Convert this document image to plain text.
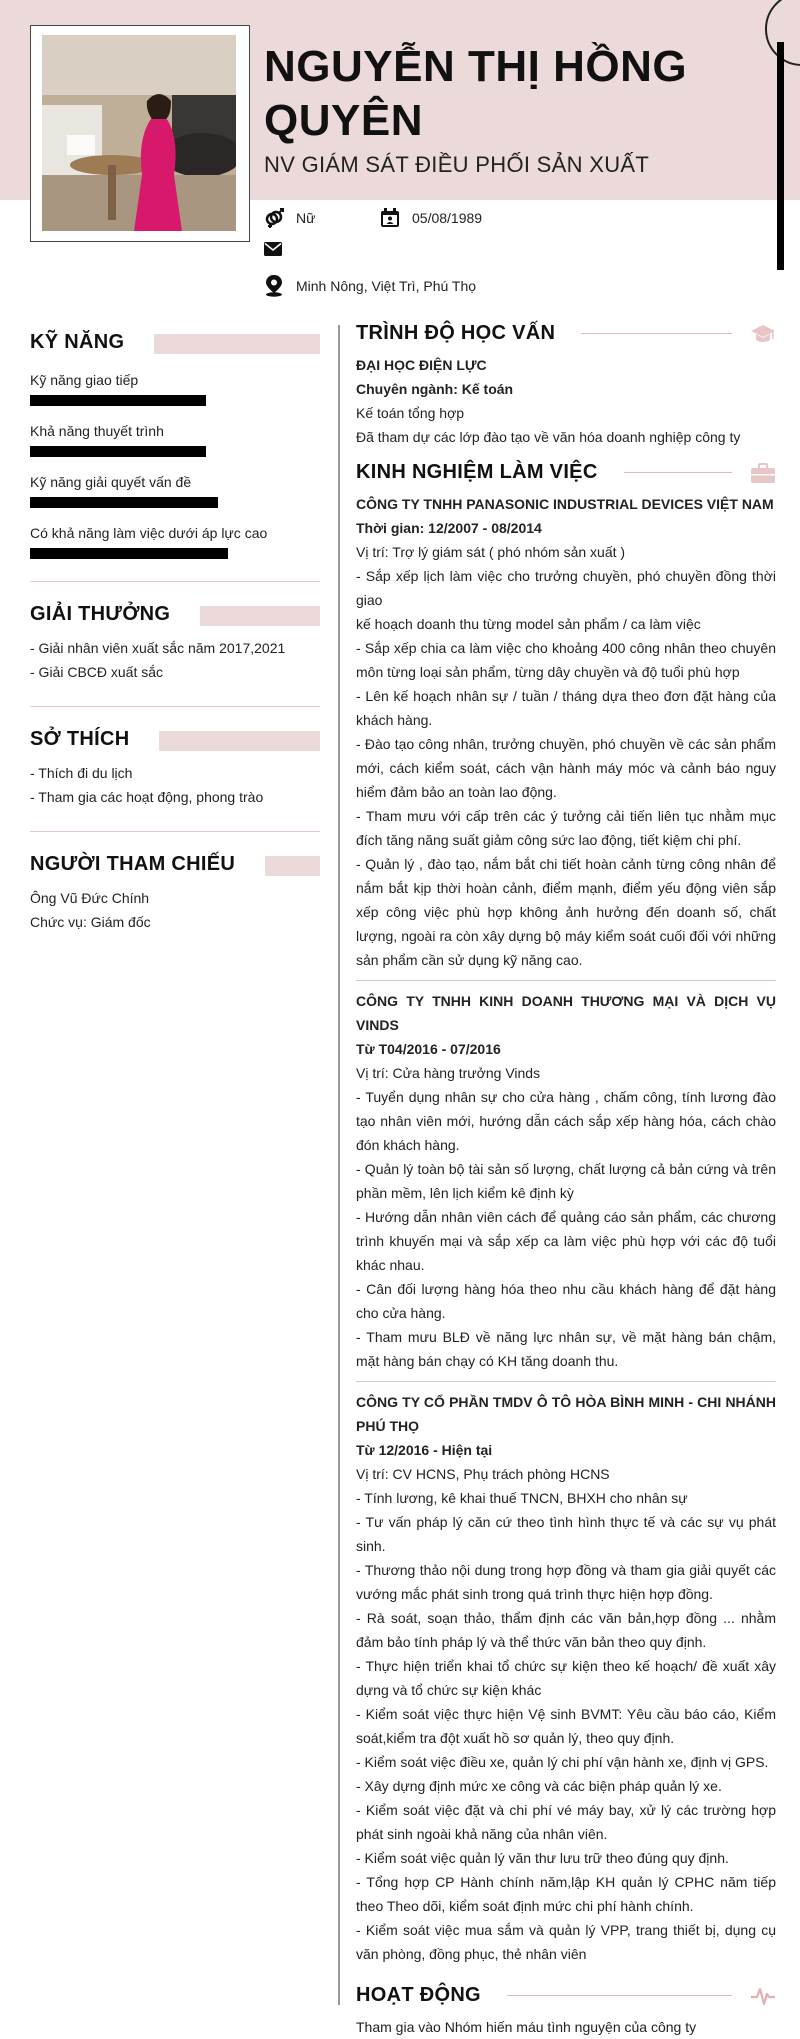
NGUYỄN THỊ HỒNG QUYÊN
NV GIÁM SÁT ĐIỀU PHỐI SẢN XUẤT
Nữ	05/08/1989
Minh Nông, Việt Trì, Phú Thọ
KỸ NĂNG
Kỹ năng giao tiếp
Khả năng thuyết trình
Kỹ năng giải quyết vấn đề
Có khả năng làm việc dưới áp lực cao
GIẢI THƯỞNG
- Giải nhân viên xuất sắc năm 2017,2021
- Giải CBCĐ xuất sắc
SỞ THÍCH
- Thích đi du lịch
- Tham gia các hoạt động, phong trào
NGƯỜI THAM CHIẾU
Ông Vũ Đức Chính
Chức vụ: Giám đốc
TRÌNH ĐỘ HỌC VẤN
ĐẠI HỌC ĐIỆN LỰC
Chuyên ngành: Kế toán
Kế toán tổng hợp
Đã tham dự các lớp đào tạo về văn hóa doanh nghiệp công ty
KINH NGHIỆM LÀM VIỆC
CÔNG TY TNHH PANASONIC INDUSTRIAL DEVICES VIỆT NAM
Thời gian: 12/2007 - 08/2014
Vị trí: Trợ lý giám sát ( phó nhóm sản xuất )
- Sắp xếp lịch làm việc cho trưởng chuyền, phó chuyền đồng thời giao
kế hoạch doanh thu từng model sản phẩm / ca làm việc
- Sắp xếp chia ca làm việc cho khoảng 400 công nhân theo chuyên môn từng loại sản phẩm, từng dây chuyền và độ tuổi phù hợp
- Lên kế hoạch nhân sự / tuần / tháng dựa theo đơn đặt hàng của khách hàng.
- Đào tạo công nhân, trưởng chuyền, phó chuyền về các sản phẩm mới, cách kiểm soát, cách vận hành máy móc và cảnh báo nguy hiểm đảm bảo an toàn lao động.
- Tham mưu với cấp trên các ý tưởng cải tiến liên tục nhằm mục đích tăng năng suất giảm công sức lao động, tiết kiệm chi phí.
- Quản lý , đào tạo, nắm bắt chi tiết hoàn cảnh từng công nhân để nắm bắt kịp thời hoàn cảnh, điểm mạnh, điểm yếu động viên sắp xếp công việc phù hợp không ảnh hưởng đến doanh số, chất lượng, ngoài ra còn xây dựng bộ máy kiểm soát cuối đối với những sản phẩm cần sử dụng kỹ năng cao.
CÔNG TY TNHH KINH DOANH THƯƠNG MẠI VÀ DỊCH VỤ VINDS
Từ T04/2016 - 07/2016
Vị trí: Cửa hàng trưởng Vinds
- Tuyển dụng nhân sự cho cửa hàng , chấm công, tính lương đào tạo nhân viên mới, hướng dẫn cách sắp xếp hàng hóa, cách chào đón khách hàng.
- Quản lý toàn bộ tài sản số lượng, chất lượng cả bản cứng và trên phần mềm, lên lịch kiểm kê định kỳ
- Hướng dẫn nhân viên cách để quảng cáo sản phẩm, các chương trình khuyến mại và sắp xếp ca làm việc phù hợp với các độ tuổi khác nhau.
- Cân đối lượng hàng hóa theo nhu cầu khách hàng để đặt hàng cho cửa hàng.
- Tham mưu BLĐ về năng lực nhân sự, về mặt hàng bán chậm, mặt hàng bán chạy có KH tăng doanh thu.
CÔNG TY CỔ PHẦN TMDV Ô TÔ HÒA BÌNH MINH - CHI NHÁNH PHÚ THỌ
Từ 12/2016 - Hiện tại
Vị trí: CV HCNS, Phụ trách phòng HCNS
- Tính lương, kê khai thuế TNCN, BHXH cho nhân sự
- Tư vấn pháp lý căn cứ theo tình hình thực tế và các sự vụ phát sinh.
- Thương thảo nội dung trong hợp đồng và tham gia giải quyết các vướng mắc phát sinh trong quá trình thực hiện hợp đồng.
- Rà soát, soạn thảo, thẩm định các văn bản,hợp đồng ... nhằm đảm bảo tính pháp lý và thể thức văn bản theo quy định.
- Thực hiện triển khai tổ chức sự kiện theo kế hoạch/ đề xuất xây dựng và tổ chức sự kiện khác
- Kiểm soát việc thực hiện Vệ sinh BVMT: Yêu cầu báo cáo, Kiểm soát,kiểm tra đột xuất hồ sơ quản lý, theo quy định.
- Kiểm soát việc điều xe, quản lý chi phí vận hành xe, định vị GPS.
- Xây dựng định mức xe công và các biện pháp quản lý xe.
- Kiểm soát việc đặt và chi phí vé máy bay, xử lý các trường hợp phát sinh ngoài khả năng của nhân viên.
- Kiểm soát việc quản lý văn thư lưu trữ theo đúng quy định.
- Tổng hợp CP Hành chính năm,lập KH quản lý CPHC năm tiếp theo Theo dõi, kiểm soát định mức chi phí hành chính.
- Kiểm soát việc mua sắm và quản lý VPP, trang thiết bị, dụng cụ văn phòng, đồng phục, thẻ nhân viên
HOẠT ĐỘNG
Tham gia vào Nhóm hiến máu tình nguyện của công ty
